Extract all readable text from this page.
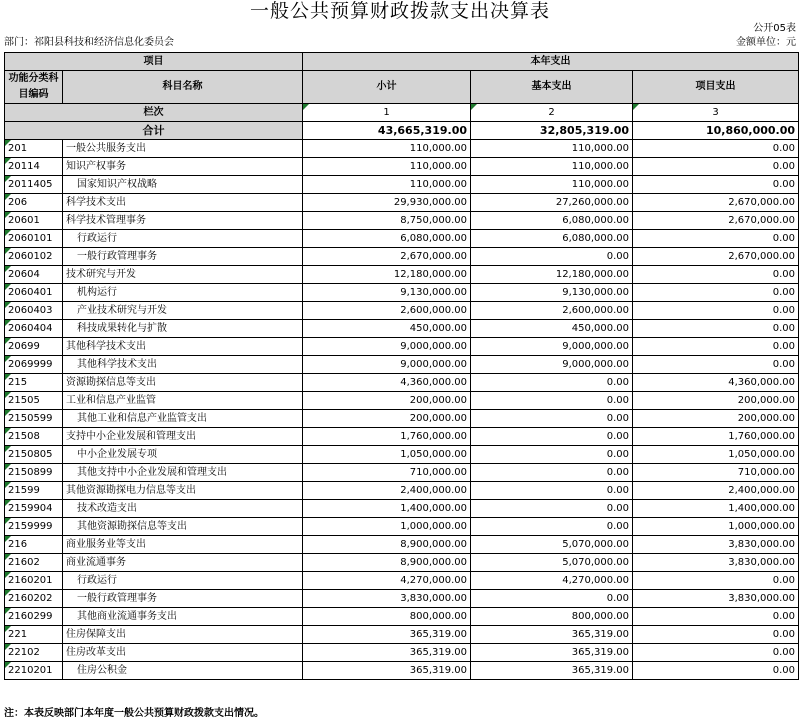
一般公共预算财政拨款支出决算表
公开05表
部门：祁阳县科技和经济信息化委员会	金额单位：元
项目		本年支出		
功能分类科目编码	科目名称	小计	基本支出	项目支出
栏次		1	2	3
合计		43,665,319.00	32,805,319.00	10,860,000.00
201	一般公共服务支出	110,000.00	110,000.00	0.00
20114	知识产权事务	110,000.00	110,000.00	0.00
2011405	国家知识产权战略	110,000.00	110,000.00	0.00
206	科学技术支出	29,930,000.00	27,260,000.00	2,670,000.00
20601	科学技术管理事务	8,750,000.00	6,080,000.00	2,670,000.00
2060101	行政运行	6,080,000.00	6,080,000.00	0.00
2060102	一般行政管理事务	2,670,000.00	0.00	2,670,000.00
20604	技术研究与开发	12,180,000.00	12,180,000.00	0.00
2060401	机构运行	9,130,000.00	9,130,000.00	0.00
2060403	产业技术研究与开发	2,600,000.00	2,600,000.00	0.00
2060404	科技成果转化与扩散	450,000.00	450,000.00	0.00
20699	其他科学技术支出	9,000,000.00	9,000,000.00	0.00
2069999	其他科学技术支出	9,000,000.00	9,000,000.00	0.00
215	资源勘探信息等支出	4,360,000.00	0.00	4,360,000.00
21505	工业和信息产业监管	200,000.00	0.00	200,000.00
2150599	其他工业和信息产业监管支出	200,000.00	0.00	200,000.00
21508	支持中小企业发展和管理支出	1,760,000.00	0.00	1,760,000.00
2150805	中小企业发展专项	1,050,000.00	0.00	1,050,000.00
2150899	其他支持中小企业发展和管理支出	710,000.00	0.00	710,000.00
21599	其他资源勘探电力信息等支出	2,400,000.00	0.00	2,400,000.00
2159904	技术改造支出	1,400,000.00	0.00	1,400,000.00
2159999	其他资源勘探信息等支出	1,000,000.00	0.00	1,000,000.00
216	商业服务业等支出	8,900,000.00	5,070,000.00	3,830,000.00
21602	商业流通事务	8,900,000.00	5,070,000.00	3,830,000.00
2160201	行政运行	4,270,000.00	4,270,000.00	0.00
2160202	一般行政管理事务	3,830,000.00	0.00	3,830,000.00
2160299	其他商业流通事务支出	800,000.00	800,000.00	0.00
221	住房保障支出	365,319.00	365,319.00	0.00
22102	住房改革支出	365,319.00	365,319.00	0.00
2210201	住房公积金	365,319.00	365,319.00	0.00
注：本表反映部门本年度一般公共预算财政拨款支出情况。
